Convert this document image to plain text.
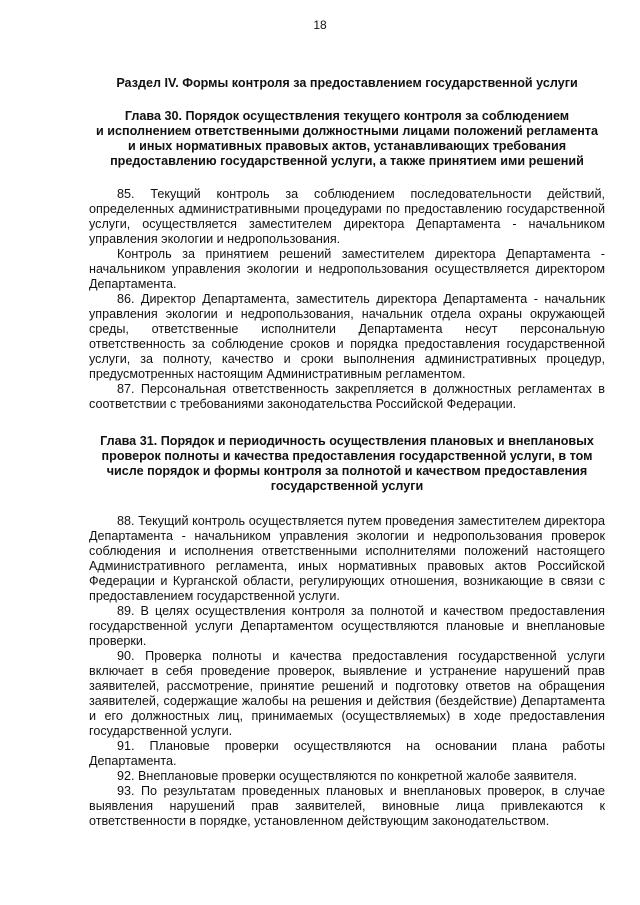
18
Раздел IV. Формы контроля за предоставлением государственной услуги
Глава 30. Порядок осуществления текущего контроля за соблюдением
и исполнением ответственными должностными лицами положений регламента
и иных нормативных правовых актов, устанавливающих требования
предоставлению государственной услуги, а также принятием ими решений

85. Текущий контроль за соблюдением последовательности действий, определенных административными процедурами по предоставлению государственной услуги, осуществляется заместителем директора Департамента - начальником управления экологии и недропользования.

Контроль за принятием решений заместителем директора Департамента - начальником управления экологии и недропользования осуществляется директором Департамента.

86. Директор Департамента, заместитель директора Департамента - начальник управления экологии и недропользования, начальник отдела охраны окружающей среды, ответственные исполнители Департамента несут персональную ответственность за соблюдение сроков и порядка предоставления государственной услуги, за полноту, качество и сроки выполнения административных процедур, предусмотренных настоящим Административным регламентом.

87. Персональная ответственность закрепляется в должностных регламентах в соответствии с требованиями законодательства Российской Федерации.

Глава 31. Порядок и периодичность осуществления плановых и внеплановых
проверок полноты и качества предоставления государственной услуги, в том
числе порядок и формы контроля за полнотой и качеством предоставления
государственной услуги

88. Текущий контроль осуществляется путем проведения заместителем директора Департамента - начальником управления экологии и недропользования проверок соблюдения и исполнения ответственными исполнителями положений настоящего Административного регламента, иных нормативных правовых актов Российской Федерации и Курганской области, регулирующих отношения, возникающие в связи с предоставлением государственной услуги.

89. В целях осуществления контроля за полнотой и качеством предоставления государственной услуги Департаментом осуществляются плановые и внеплановые проверки.

90. Проверка полноты и качества предоставления государственной услуги включает в себя проведение проверок, выявление и устранение нарушений прав заявителей, рассмотрение, принятие решений и подготовку ответов на обращения заявителей, содержащие жалобы на решения и действия (бездействие) Департамента и его должностных лиц, принимаемых (осуществляемых) в ходе предоставления государственной услуги.

91. Плановые проверки осуществляются на основании плана работы Департамента.

92. Внеплановые проверки осуществляются по конкретной жалобе заявителя.

93. По результатам проведенных плановых и внеплановых проверок, в случае выявления нарушений прав заявителей, виновные лица привлекаются к ответственности в порядке, установленном действующим законодательством.
